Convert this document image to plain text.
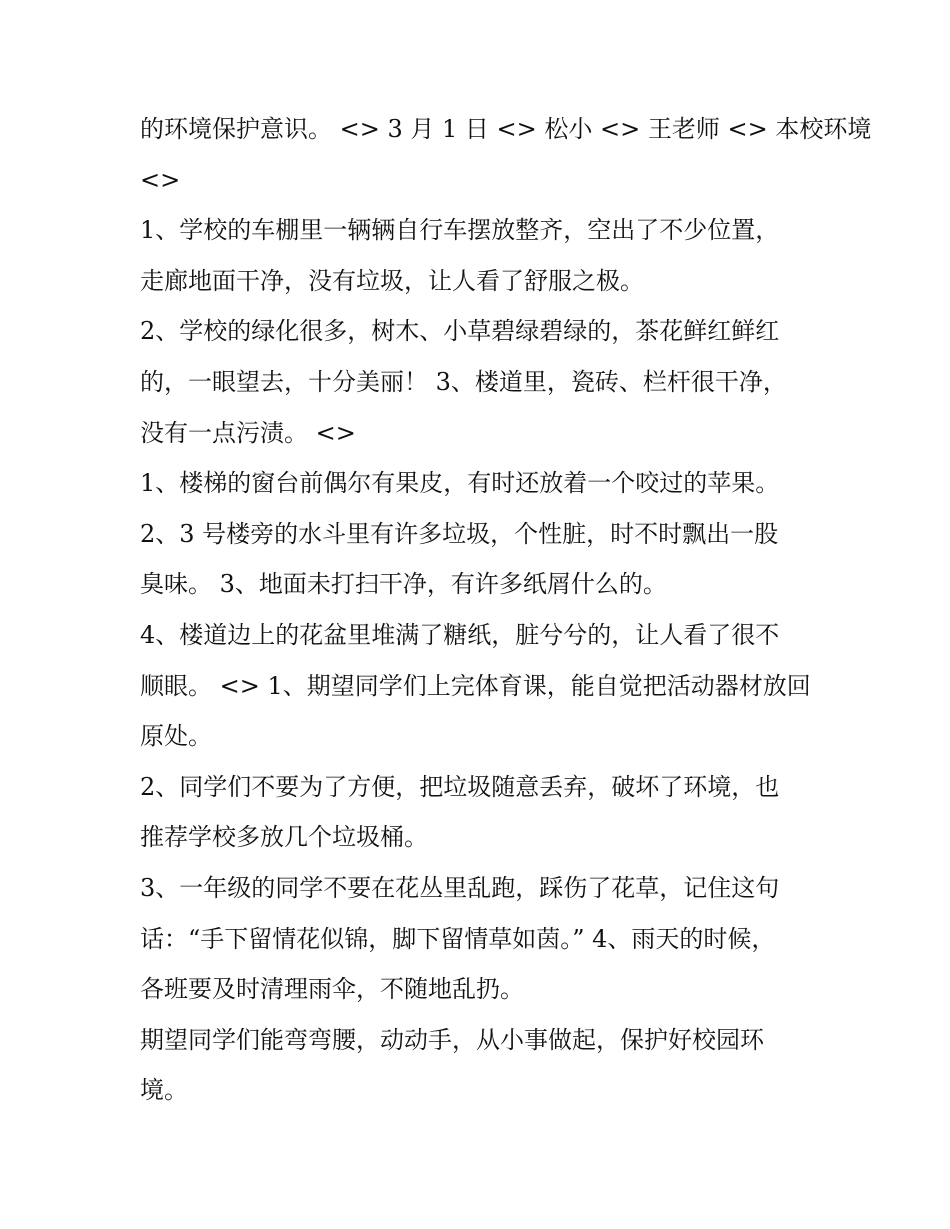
的环境保护意识。 <> 3 月 1 日 <> 松小 <> 王老师 <> 本校环境
<>
1、学校的车棚里一辆辆自行车摆放整齐，空出了不少位置，
走廊地面干净，没有垃圾，让人看了舒服之极。
2、学校的绿化很多，树木、小草碧绿碧绿的，茶花鲜红鲜红
的，一眼望去，十分美丽！ 3、楼道里，瓷砖、栏杆很干净，
没有一点污渍。 <>
1、楼梯的窗台前偶尔有果皮，有时还放着一个咬过的苹果。
2、3 号楼旁的水斗里有许多垃圾，个性脏，时不时飘出一股
臭味。 3、地面未打扫干净，有许多纸屑什么的。
4、楼道边上的花盆里堆满了糖纸，脏兮兮的，让人看了很不
顺眼。 <> 1、期望同学们上完体育课，能自觉把活动器材放回
原处。
2、同学们不要为了方便，把垃圾随意丢弃，破坏了环境，也
推荐学校多放几个垃圾桶。
3、一年级的同学不要在花丛里乱跑，踩伤了花草，记住这句
话：“手下留情花似锦，脚下留情草如茵。” 4、雨天的时候，
各班要及时清理雨伞，不随地乱扔。
期望同学们能弯弯腰，动动手，从小事做起，保护好校园环
境。
